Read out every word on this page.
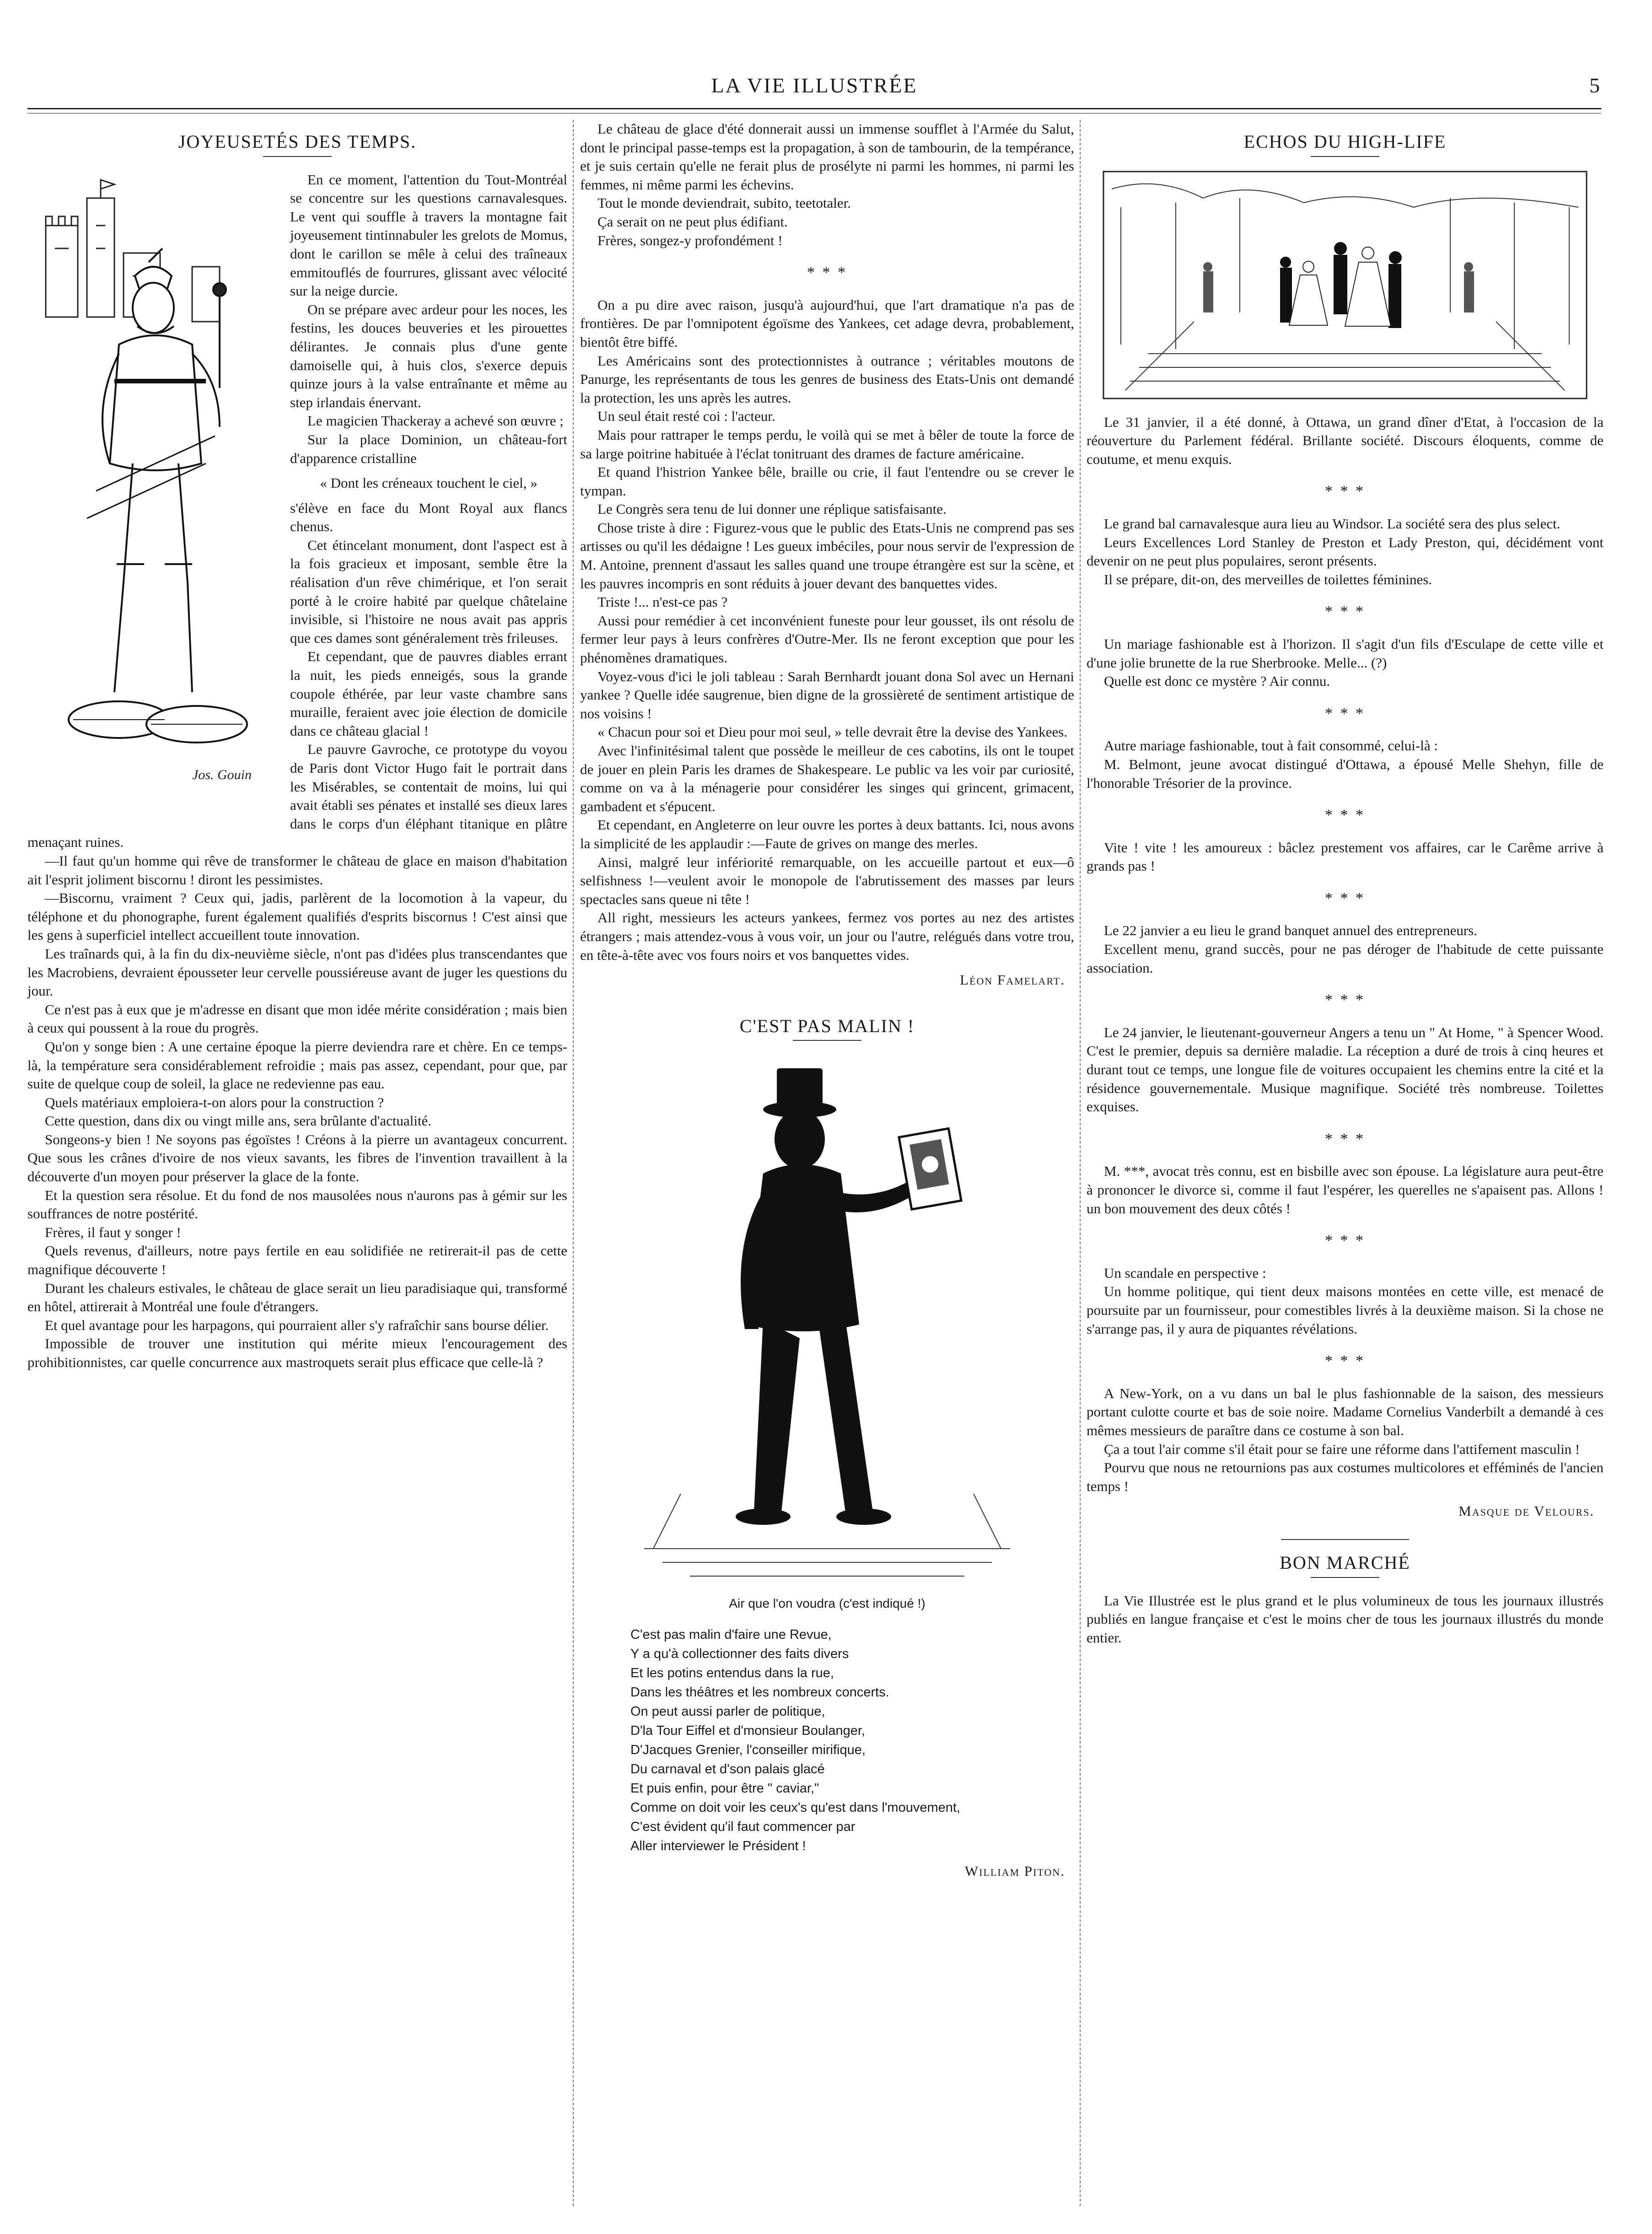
LA VIE ILLUSTRÉE	5
JOYEUSETÉS DES TEMPS.
Jos. Gouin

En ce moment, l'attention du Tout-Montréal se concentre sur les questions carnavalesques. Le vent qui souffle à travers la montagne fait joyeusement tintinnabuler les grelots de Momus, dont le carillon se mêle à celui des traîneaux emmitouflés de fourrures, glissant avec vélocité sur la neige durcie.

On se prépare avec ardeur pour les noces, les festins, les douces beuveries et les pirouettes délirantes. Je connais plus d'une gente damoiselle qui, à huis clos, s'exerce depuis quinze jours à la valse entraînante et même au step irlandais énervant.

Le magicien Thackeray a achevé son œuvre ;

Sur la place Dominion, un château-fort d'apparence cristalline

« Dont les créneaux touchent le ciel, »

s'élève en face du Mont Royal aux flancs chenus.

Cet étincelant monument, dont l'aspect est à la fois gracieux et imposant, semble être la réalisation d'un rêve chimérique, et l'on serait porté à le croire habité par quelque châtelaine invisible, si l'histoire ne nous avait pas appris que ces dames sont généralement très frileuses.

Et cependant, que de pauvres diables errant la nuit, les pieds enneigés, sous la grande coupole éthérée, par leur vaste chambre sans muraille, feraient avec joie élection de domicile dans ce château glacial !

Le pauvre Gavroche, ce prototype du voyou de Paris dont Victor Hugo fait le portrait dans les Misérables, se contentait de moins, lui qui avait établi ses pénates et installé ses dieux lares dans le corps d'un éléphant titanique en plâtre menaçant ruines.

—Il faut qu'un homme qui rêve de transformer le château de glace en maison d'habitation ait l'esprit joliment biscornu ! diront les pessimistes.

—Biscornu, vraiment ? Ceux qui, jadis, parlèrent de la locomotion à la vapeur, du téléphone et du phonographe, furent également qualifiés d'esprits biscornus ! C'est ainsi que les gens à superficiel intellect accueillent toute innovation.

Les traînards qui, à la fin du dix-neuvième siècle, n'ont pas d'idées plus transcendantes que les Macrobiens, devraient épousseter leur cervelle poussiéreuse avant de juger les questions du jour.

Ce n'est pas à eux que je m'adresse en disant que mon idée mérite considération ; mais bien à ceux qui poussent à la roue du progrès.

Qu'on y songe bien : A une certaine époque la pierre deviendra rare et chère. En ce temps-là, la température sera considérablement refroidie ; mais pas assez, cependant, pour que, par suite de quelque coup de soleil, la glace ne redevienne pas eau.

Quels matériaux emploiera-t-on alors pour la construction ?

Cette question, dans dix ou vingt mille ans, sera brûlante d'actualité.

Songeons-y bien ! Ne soyons pas égoïstes ! Créons à la pierre un avantageux concurrent. Que sous les crânes d'ivoire de nos vieux savants, les fibres de l'invention travaillent à la découverte d'un moyen pour préserver la glace de la fonte.

Et la question sera résolue. Et du fond de nos mausolées nous n'aurons pas à gémir sur les souffrances de notre postérité.

Frères, il faut y songer !

Quels revenus, d'ailleurs, notre pays fertile en eau solidifiée ne retirerait-il pas de cette magnifique découverte !

Durant les chaleurs estivales, le château de glace serait un lieu paradisiaque qui, transformé en hôtel, attirerait à Montréal une foule d'étrangers.

Et quel avantage pour les harpagons, qui pourraient aller s'y rafraîchir sans bourse délier.

Impossible de trouver une institution qui mérite mieux l'encouragement des prohibitionnistes, car quelle concurrence aux mastroquets serait plus efficace que celle-là ?

Le château de glace d'été donnerait aussi un immense soufflet à l'Armée du Salut, dont le principal passe-temps est la propagation, à son de tambourin, de la tempérance, et je suis certain qu'elle ne ferait plus de prosélyte ni parmi les hommes, ni parmi les femmes, ni même parmi les échevins.

Tout le monde deviendrait, subito, teetotaler.

Ça serait on ne peut plus édifiant.

Frères, songez-y profondément !

* * *

On a pu dire avec raison, jusqu'à aujourd'hui, que l'art dramatique n'a pas de frontières. De par l'omnipotent égoïsme des Yankees, cet adage devra, probablement, bientôt être biffé.

Les Américains sont des protectionnistes à outrance ; véritables moutons de Panurge, les représentants de tous les genres de business des Etats-Unis ont demandé la protection, les uns après les autres.

Un seul était resté coi : l'acteur.

Mais pour rattraper le temps perdu, le voilà qui se met à bêler de toute la force de sa large poitrine habituée à l'éclat tonitruant des drames de facture américaine.

Et quand l'histrion Yankee bêle, braille ou crie, il faut l'entendre ou se crever le tympan.

Le Congrès sera tenu de lui donner une réplique satisfaisante.

Chose triste à dire : Figurez-vous que le public des Etats-Unis ne comprend pas ses artisses ou qu'il les dédaigne ! Les gueux imbéciles, pour nous servir de l'expression de M. Antoine, prennent d'assaut les salles quand une troupe étrangère est sur la scène, et les pauvres incompris en sont réduits à jouer devant des banquettes vides.

Triste !... n'est-ce pas ?

Aussi pour remédier à cet inconvénient funeste pour leur gousset, ils ont résolu de fermer leur pays à leurs confrères d'Outre-Mer. Ils ne feront exception que pour les phénomènes dramatiques.

Voyez-vous d'ici le joli tableau : Sarah Bernhardt jouant dona Sol avec un Hernani yankee ? Quelle idée saugrenue, bien digne de la grossièreté de sentiment artistique de nos voisins !

« Chacun pour soi et Dieu pour moi seul, » telle devrait être la devise des Yankees.

Avec l'infinitésimal talent que possède le meilleur de ces cabotins, ils ont le toupet de jouer en plein Paris les drames de Shakespeare. Le public va les voir par curiosité, comme on va à la ménagerie pour considérer les singes qui grincent, grimacent, gambadent et s'épucent.

Et cependant, en Angleterre on leur ouvre les portes à deux battants. Ici, nous avons la simplicité de les applaudir :—Faute de grives on mange des merles.

Ainsi, malgré leur infériorité remarquable, on les accueille partout et eux—ô selfishness !—veulent avoir le monopole de l'abrutissement des masses par leurs spectacles sans queue ni tête !

All right, messieurs les acteurs yankees, fermez vos portes au nez des artistes étrangers ; mais attendez-vous à vous voir, un jour ou l'autre, relégués dans votre trou, en tête-à-tête avec vos fours noirs et vos banquettes vides.

Léon Famelart.
C'EST PAS MALIN !
Air que l'on voudra (c'est indiqué !)
C'est pas malin d'faire une Revue,
Y a qu'à collectionner des faits divers
Et les potins entendus dans la rue,
Dans les théâtres et les nombreux concerts.
On peut aussi parler de politique,
D'la Tour Eiffel et d'monsieur Boulanger,
D'Jacques Grenier, l'conseiller mirifique,
Du carnaval et d'son palais glacé
Et puis enfin, pour être " caviar,"
Comme on doit voir les ceux's qu'est dans l'mouvement,
C'est évident qu'il faut commencer par
Aller interviewer le Président !
William Piton.
ECHOS DU HIGH-LIFE

Le 31 janvier, il a été donné, à Ottawa, un grand dîner d'Etat, à l'occasion de la réouverture du Parlement fédéral. Brillante société. Discours éloquents, comme de coutume, et menu exquis.

* * *

Le grand bal carnavalesque aura lieu au Windsor. La société sera des plus select.

Leurs Excellences Lord Stanley de Preston et Lady Preston, qui, décidément vont devenir on ne peut plus populaires, seront présents.

Il se prépare, dit-on, des merveilles de toilettes féminines.

* * *

Un mariage fashionable est à l'horizon. Il s'agit d'un fils d'Esculape de cette ville et d'une jolie brunette de la rue Sherbrooke. Melle... (?)

Quelle est donc ce mystère ? Air connu.

* * *

Autre mariage fashionable, tout à fait consommé, celui-là :

M. Belmont, jeune avocat distingué d'Ottawa, a épousé Melle Shehyn, fille de l'honorable Trésorier de la province.

* * *

Vite ! vite ! les amoureux : bâclez prestement vos affaires, car le Carême arrive à grands pas !

* * *

Le 22 janvier a eu lieu le grand banquet annuel des entrepreneurs.

Excellent menu, grand succès, pour ne pas déroger de l'habitude de cette puissante association.

* * *

Le 24 janvier, le lieutenant-gouverneur Angers a tenu un " At Home, " à Spencer Wood. C'est le premier, depuis sa dernière maladie. La réception a duré de trois à cinq heures et durant tout ce temps, une longue file de voitures occupaient les chemins entre la cité et la résidence gouvernementale. Musique magnifique. Société très nombreuse. Toilettes exquises.

* * *

M. ***, avocat très connu, est en bisbille avec son épouse. La législature aura peut-être à prononcer le divorce si, comme il faut l'espérer, les querelles ne s'apaisent pas. Allons ! un bon mouvement des deux côtés !

* * *

Un scandale en perspective :

Un homme politique, qui tient deux maisons montées en cette ville, est menacé de poursuite par un fournisseur, pour comestibles livrés à la deuxième maison. Si la chose ne s'arrange pas, il y aura de piquantes révélations.

* * *

A New-York, on a vu dans un bal le plus fashionnable de la saison, des messieurs portant culotte courte et bas de soie noire. Madame Cornelius Vanderbilt a demandé à ces mêmes messieurs de paraître dans ce costume à son bal.

Ça a tout l'air comme s'il était pour se faire une réforme dans l'attifement masculin !

Pourvu que nous ne retournions pas aux costumes multicolores et efféminés de l'ancien temps !

Masque de Velours.
BON MARCHÉ

La Vie Illustrée est le plus grand et le plus volumineux de tous les journaux illustrés publiés en langue française et c'est le moins cher de tous les journaux illustrés du monde entier.
